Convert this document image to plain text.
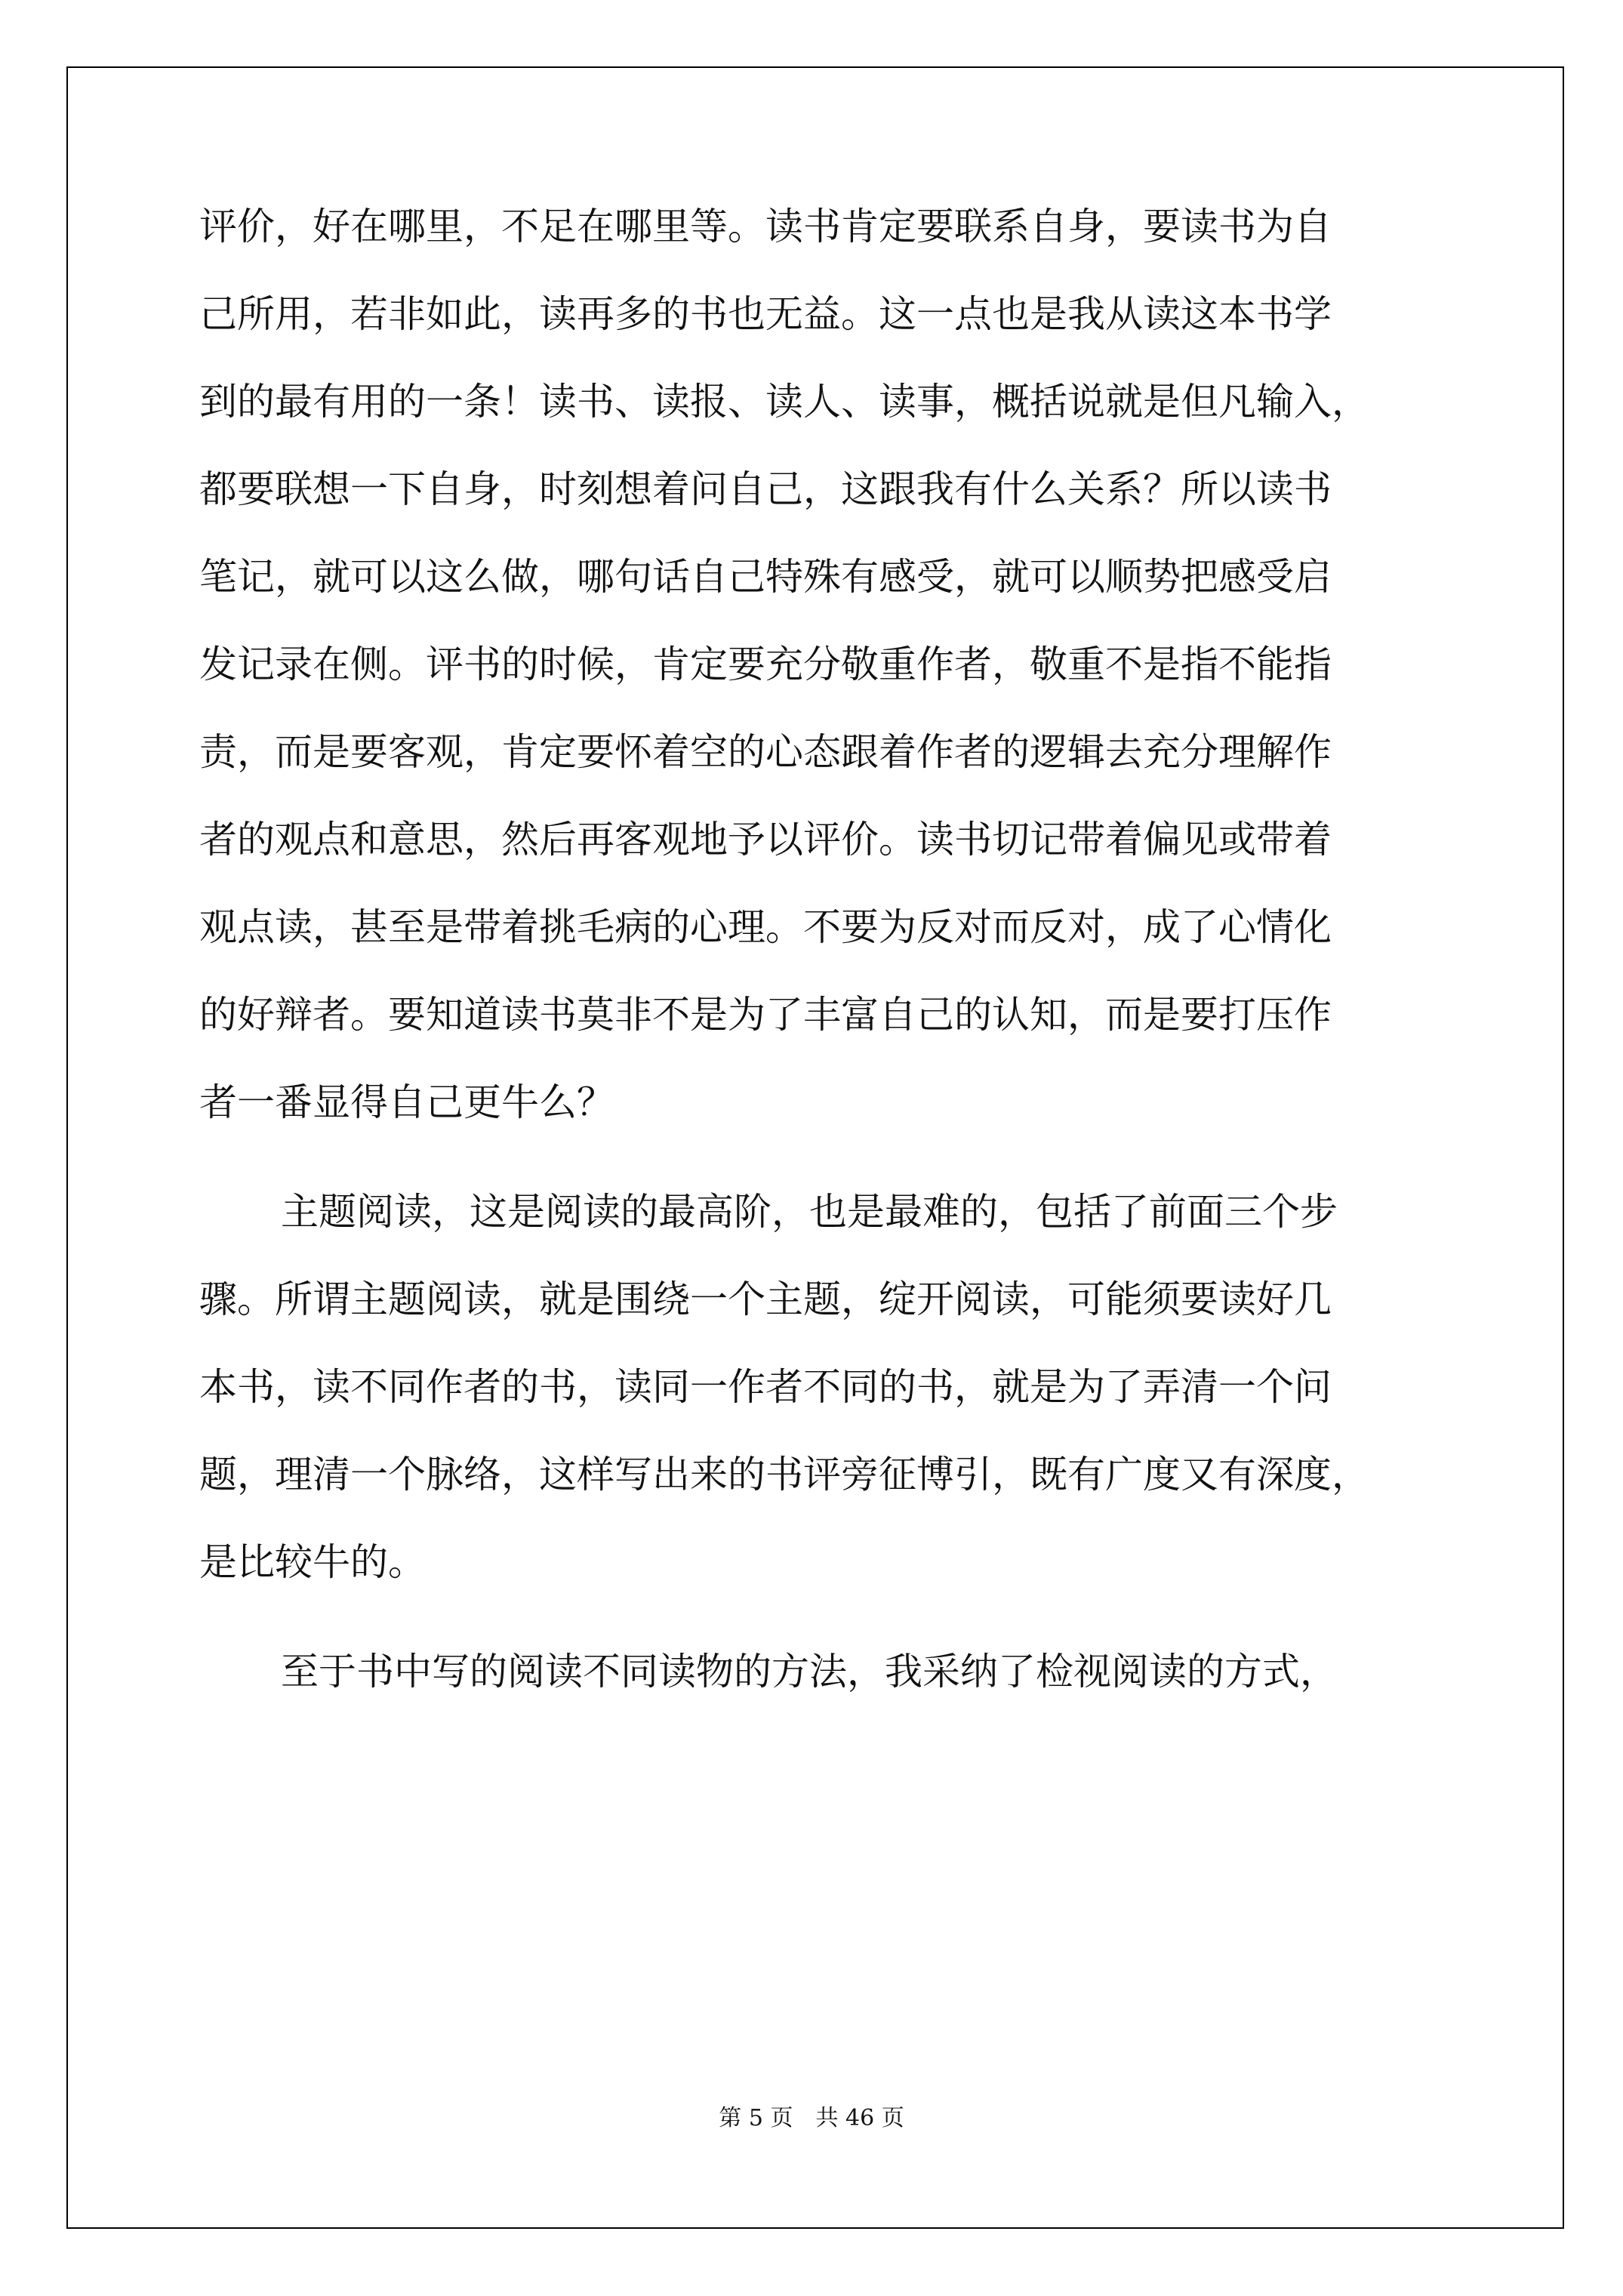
评价，好在哪里，不足在哪里等。读书肯定要联系自身，要读书为自
己所用，若非如此，读再多的书也无益。这一点也是我从读这本书学
到的最有用的一条！读书、读报、读人、读事，概括说就是但凡输入，
都要联想一下自身，时刻想着问自己，这跟我有什么关系？所以读书
笔记，就可以这么做，哪句话自己特殊有感受，就可以顺势把感受启
发记录在侧。评书的时候，肯定要充分敬重作者，敬重不是指不能指
责，而是要客观，肯定要怀着空的心态跟着作者的逻辑去充分理解作
者的观点和意思，然后再客观地予以评价。读书切记带着偏见或带着
观点读，甚至是带着挑毛病的心理。不要为反对而反对，成了心情化
的好辩者。要知道读书莫非不是为了丰富自己的认知，而是要打压作
者一番显得自己更牛么？
主题阅读，这是阅读的最高阶，也是最难的，包括了前面三个步
骤。所谓主题阅读，就是围绕一个主题，绽开阅读，可能须要读好几
本书，读不同作者的书，读同一作者不同的书，就是为了弄清一个问
题，理清一个脉络，这样写出来的书评旁征博引，既有广度又有深度，
是比较牛的。
至于书中写的阅读不同读物的方法，我采纳了检视阅读的方式，
第 5 页　共 46 页
